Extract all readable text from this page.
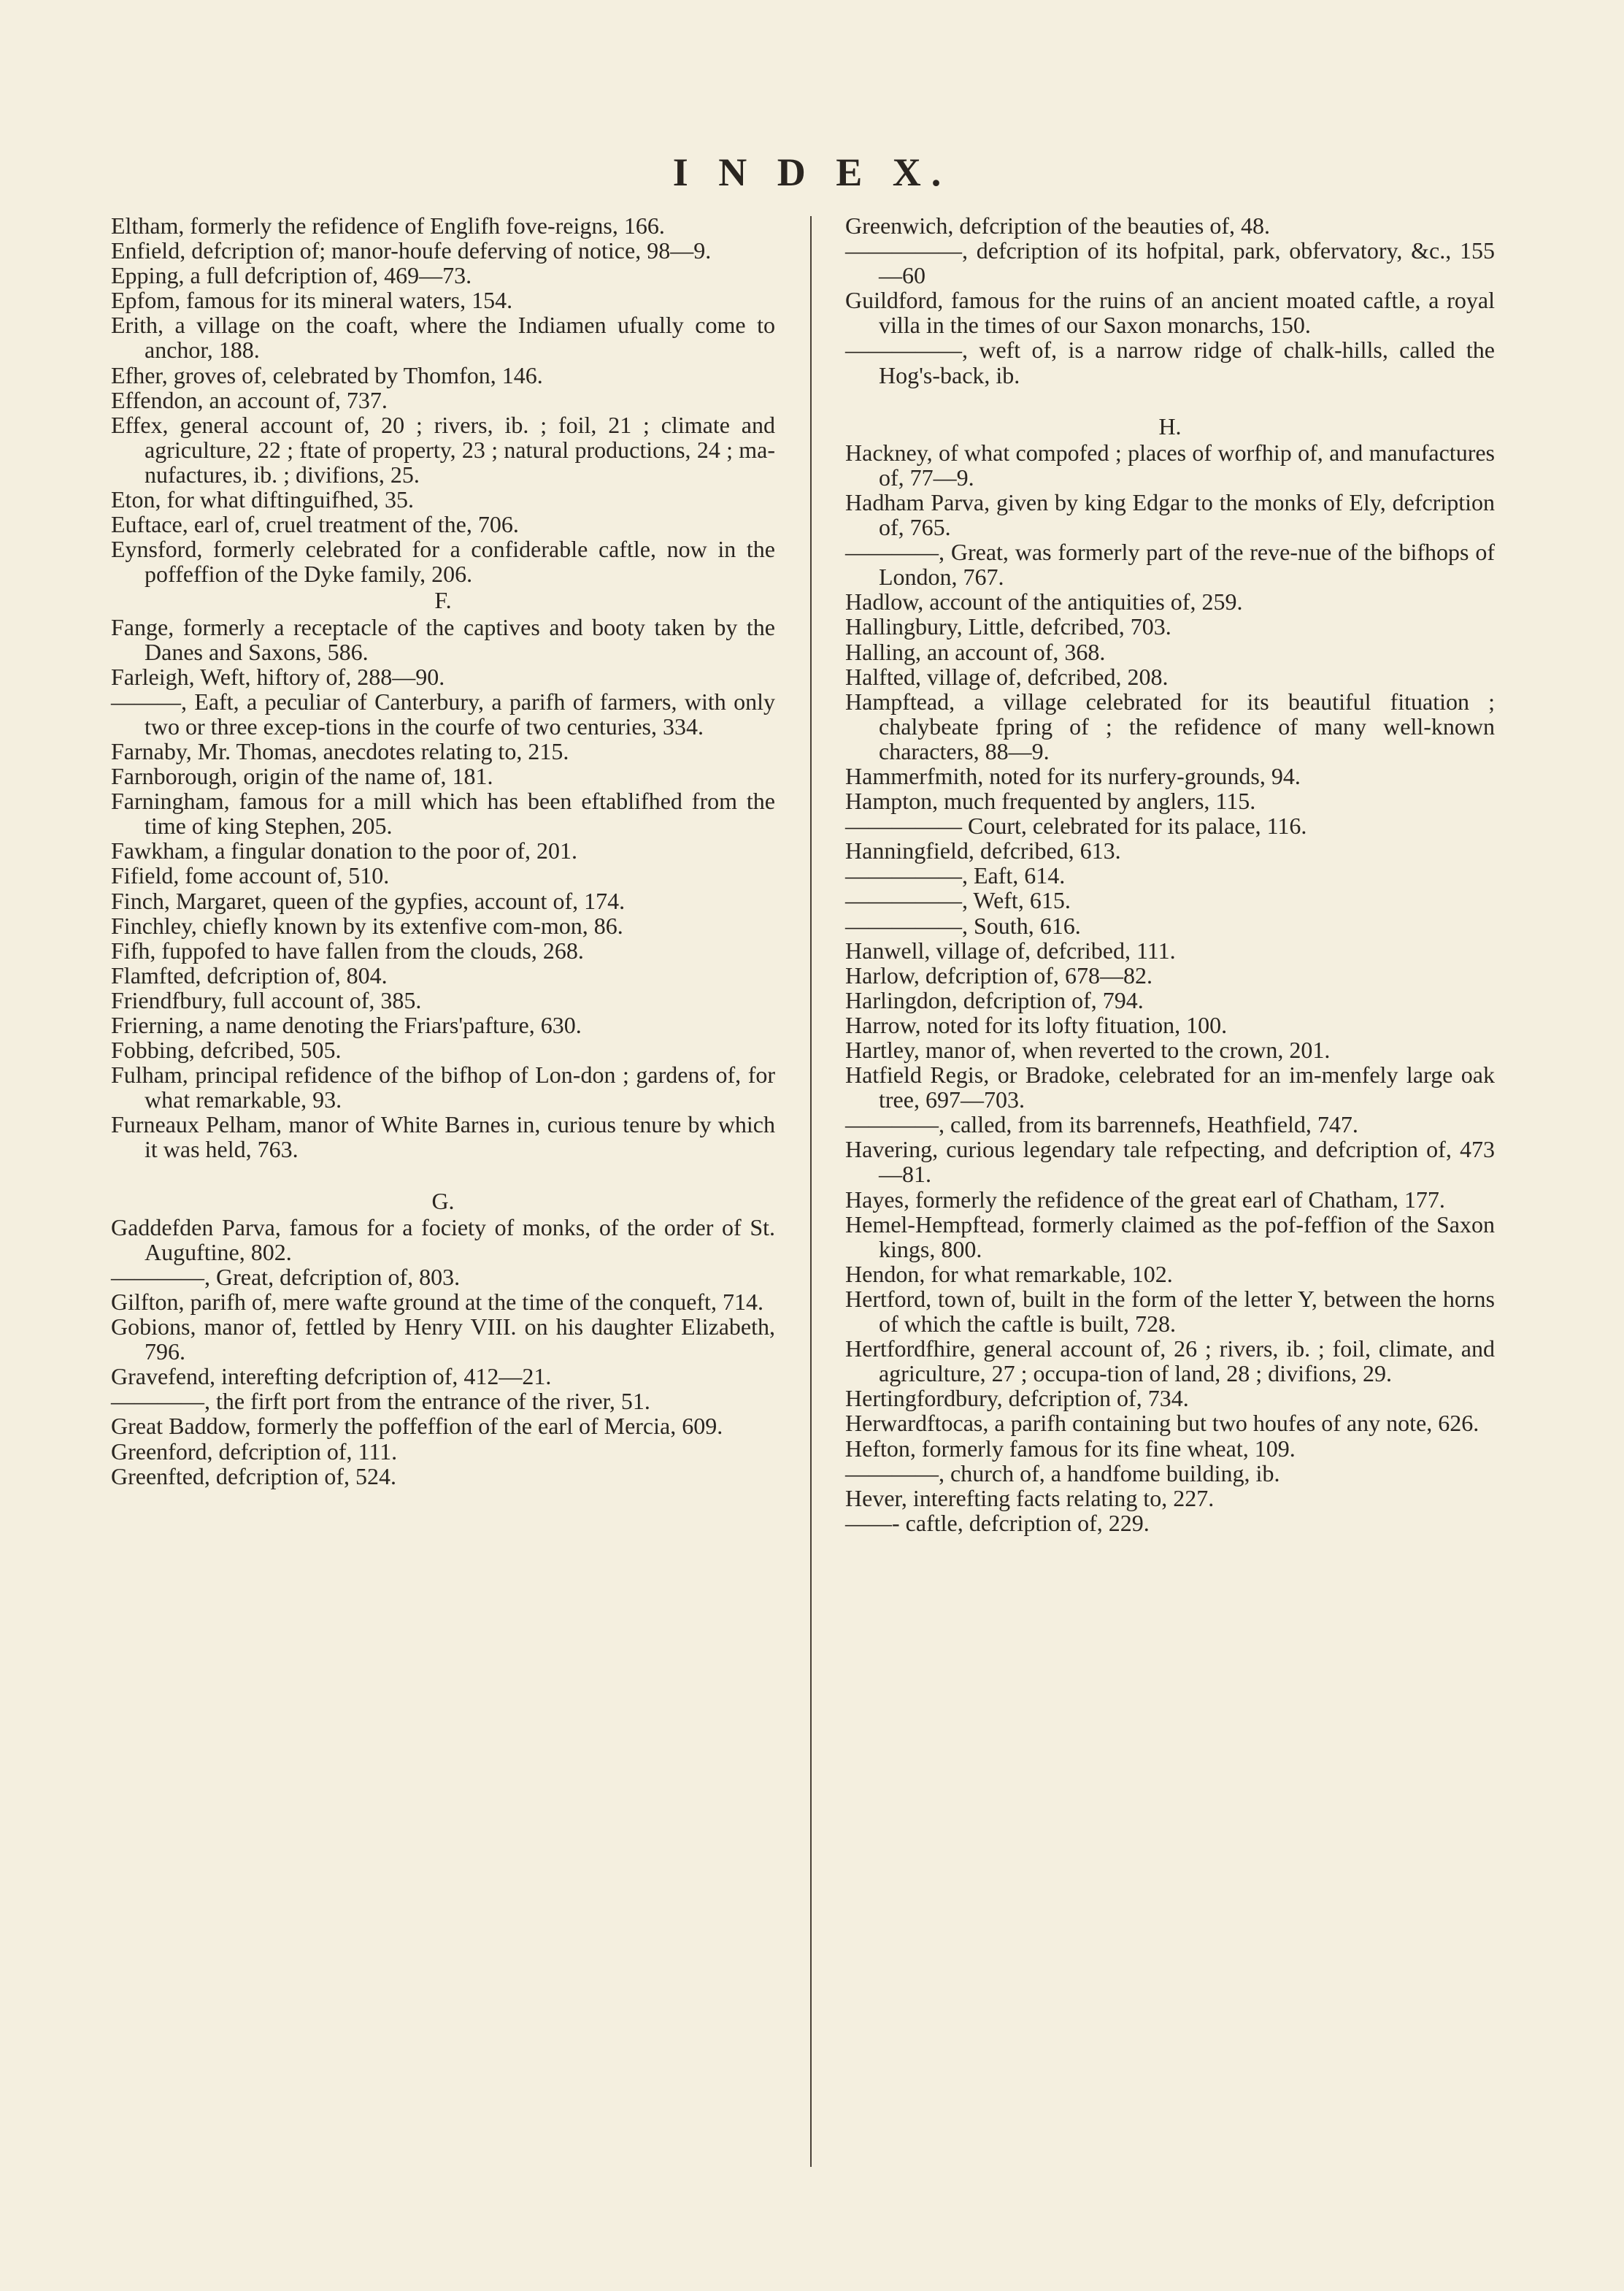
I N D E X.
Eltham, formerly the refidence of Englifh fove-reigns, 166.
Enfield, defcription of; manor-houfe deferving of notice, 98—9.
Epping, a full defcription of, 469—73.
Epfom, famous for its mineral waters, 154.
Erith, a village on the coaft, where the Indiamen ufually come to anchor, 188.
Efher, groves of, celebrated by Thomfon, 146.
Effendon, an account of, 737.
Effex, general account of, 20 ; rivers, ib. ; foil, 21 ; climate and agriculture, 22 ; ftate of property, 23 ; natural productions, 24 ; ma-nufactures, ib. ; divifions, 25.
Eton, for what diftinguifhed, 35.
Euftace, earl of, cruel treatment of the, 706.
Eynsford, formerly celebrated for a confiderable caftle, now in the poffeffion of the Dyke family, 206.
F.
Fange, formerly a receptacle of the captives and booty taken by the Danes and Saxons, 586.
Farleigh, Weft, hiftory of, 288—90.
———, Eaft, a peculiar of Canterbury, a parifh of farmers, with only two or three excep-tions in the courfe of two centuries, 334.
Farnaby, Mr. Thomas, anecdotes relating to, 215.
Farnborough, origin of the name of, 181.
Farningham, famous for a mill which has been eftablifhed from the time of king Stephen, 205.
Fawkham, a fingular donation to the poor of, 201.
Fifield, fome account of, 510.
Finch, Margaret, queen of the gypfies, account of, 174.
Finchley, chiefly known by its extenfive com-mon, 86.
Fifh, fuppofed to have fallen from the clouds, 268.
Flamfted, defcription of, 804.
Friendfbury, full account of, 385.
Frierning, a name denoting the Friars'pafture, 630.
Fobbing, defcribed, 505.
Fulham, principal refidence of the bifhop of Lon-don ; gardens of, for what remarkable, 93.
Furneaux Pelham, manor of White Barnes in, curious tenure by which it was held, 763.
G.
Gaddefden Parva, famous for a fociety of monks, of the order of St. Auguftine, 802.
————, Great, defcription of, 803.
Gilfton, parifh of, mere wafte ground at the time of the conqueft, 714.
Gobions, manor of, fettled by Henry VIII. on his daughter Elizabeth, 796.
Gravefend, interefting defcription of, 412—21.
————, the firft port from the entrance of the river, 51.
Great Baddow, formerly the poffeffion of the earl of Mercia, 609.
Greenford, defcription of, 111.
Greenfted, defcription of, 524.
Greenwich, defcription of the beauties of, 48.
—————, defcription of its hofpital, park, obfervatory, &c., 155—60
Guildford, famous for the ruins of an ancient moated caftle, a royal villa in the times of our Saxon monarchs, 150.
—————, weft of, is a narrow ridge of chalk-hills, called the Hog's-back, ib.
H.
Hackney, of what compofed ; places of worfhip of, and manufactures of, 77—9.
Hadham Parva, given by king Edgar to the monks of Ely, defcription of, 765.
————, Great, was formerly part of the reve-nue of the bifhops of London, 767.
Hadlow, account of the antiquities of, 259.
Hallingbury, Little, defcribed, 703.
Halling, an account of, 368.
Halfted, village of, defcribed, 208.
Hampftead, a village celebrated for its beautiful fituation ; chalybeate fpring of ; the refidence of many well-known characters, 88—9.
Hammerfmith, noted for its nurfery-grounds, 94.
Hampton, much frequented by anglers, 115.
————— Court, celebrated for its palace, 116.
Hanningfield, defcribed, 613.
—————, Eaft, 614.
—————, Weft, 615.
—————, South, 616.
Hanwell, village of, defcribed, 111.
Harlow, defcription of, 678—82.
Harlingdon, defcription of, 794.
Harrow, noted for its lofty fituation, 100.
Hartley, manor of, when reverted to the crown, 201.
Hatfield Regis, or Bradoke, celebrated for an im-menfely large oak tree, 697—703.
————, called, from its barrennefs, Heathfield, 747.
Havering, curious legendary tale refpecting, and defcription of, 473—81.
Hayes, formerly the refidence of the great earl of Chatham, 177.
Hemel-Hempftead, formerly claimed as the pof-feffion of the Saxon kings, 800.
Hendon, for what remarkable, 102.
Hertford, town of, built in the form of the letter Y, between the horns of which the caftle is built, 728.
Hertfordfhire, general account of, 26 ; rivers, ib. ; foil, climate, and agriculture, 27 ; occupa-tion of land, 28 ; divifions, 29.
Hertingfordbury, defcription of, 734.
Herwardftocas, a parifh containing but two houfes of any note, 626.
Hefton, formerly famous for its fine wheat, 109.
————, church of, a handfome building, ib.
Hever, interefting facts relating to, 227.
——- caftle, defcription of, 229.
